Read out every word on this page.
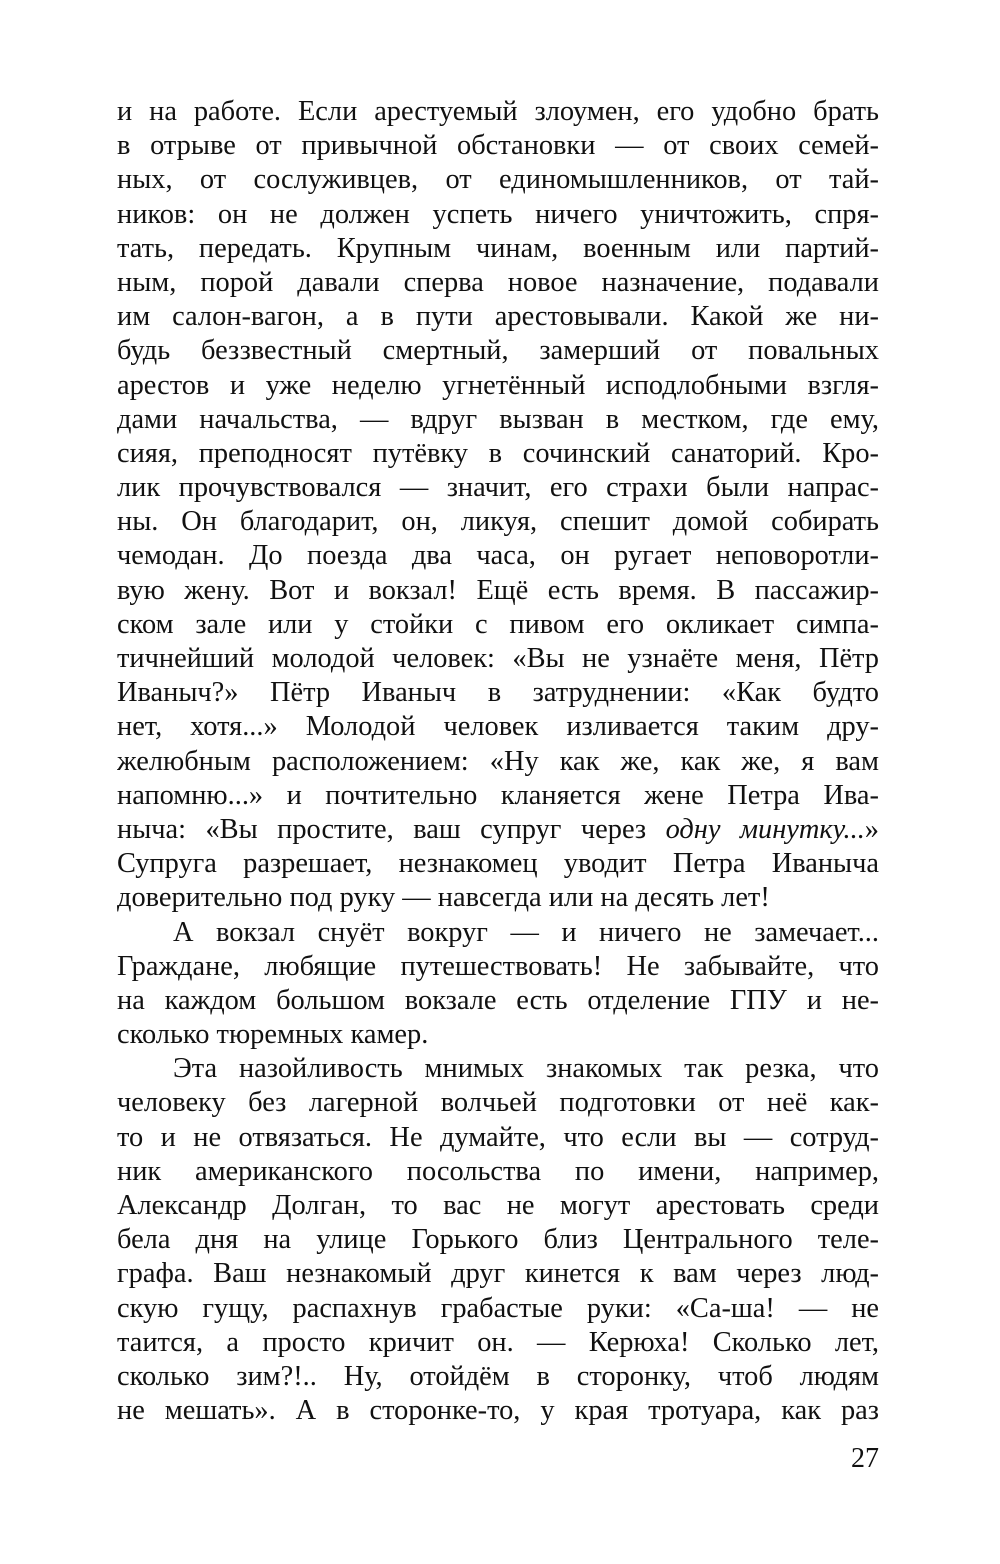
и на работе. Если арестуемый злоумен, его удобно брать
в отрыве от привычной обстановки — от своих семей-
ных, от сослуживцев, от единомышленников, от тай-
ников: он не должен успеть ничего уничтожить, спря-
тать, передать. Крупным чинам, военным или партий-
ным, порой давали сперва новое назначение, подавали
им салон-вагон, а в пути арестовывали. Какой же ни-
будь беззвестный смертный, замерший от повальных
арестов и уже неделю угнетённый исподлобными взгля-
дами начальства, — вдруг вызван в местком, где ему,
сияя, преподносят путёвку в сочинский санаторий. Кро-
лик прочувствовался — значит, его страхи были напрас-
ны. Он благодарит, он, ликуя, спешит домой собирать
чемодан. До поезда два часа, он ругает неповоротли-
вую жену. Вот и вокзал! Ещё есть время. В пассажир-
ском зале или у стойки с пивом его окликает симпа-
тичнейший молодой человек: «Вы не узнаёте меня, Пётр
Иваныч?» Пётр Иваныч в затруднении: «Как будто
нет, хотя...» Молодой человек изливается таким дру-
желюбным расположением: «Ну как же, как же, я вам
напомню...» и почтительно кланяется жене Петра Ива-
ныча: «Вы простите, ваш супруг через одну минутку...»
Супруга разрешает, незнакомец уводит Петра Иваныча
доверительно под руку — навсегда или на десять лет!
А вокзал снуёт вокруг — и ничего не замечает...
Граждане, любящие путешествовать! Не забывайте, что
на каждом большом вокзале есть отделение ГПУ и не-
сколько тюремных камер.
Эта назойливость мнимых знакомых так резка, что
человеку без лагерной волчьей подготовки от неё как-
то и не отвязаться. Не думайте, что если вы — сотруд-
ник американского посольства по имени, например,
Александр Долган, то вас не могут арестовать среди
бела дня на улице Горького близ Центрального теле-
графа. Ваш незнакомый друг кинется к вам через люд-
скую гущу, распахнув грабастые руки: «Са-ша! — не
таится, а просто кричит он. — Керюха! Сколько лет,
сколько зим?!.. Ну, отойдём в сторонку, чтоб людям
не мешать». А в сторонке-то, у края тротуара, как раз
27
